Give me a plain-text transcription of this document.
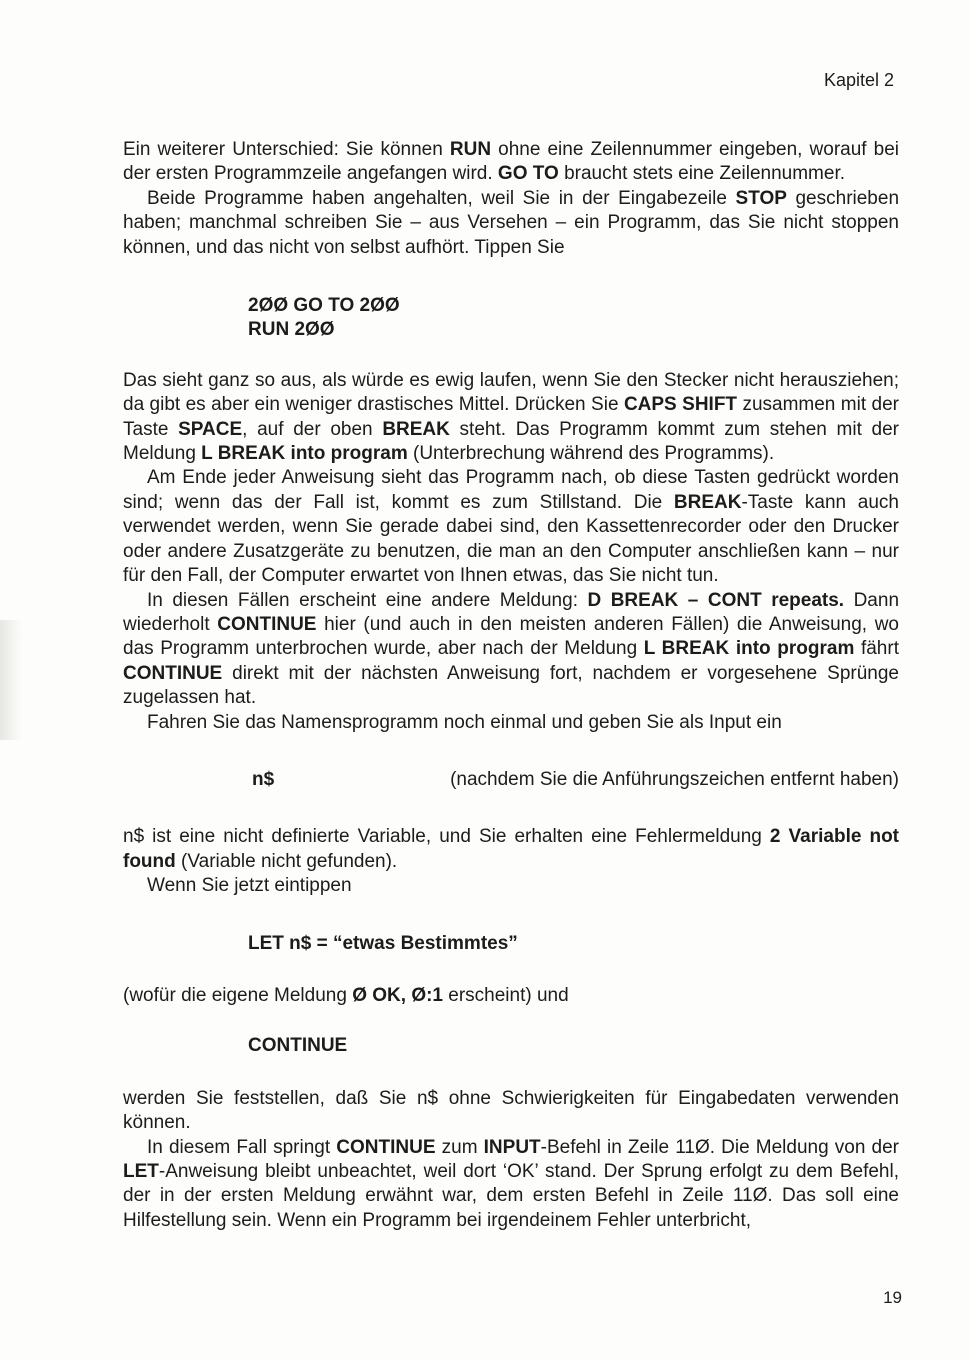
Kapitel 2

Ein weiterer Unterschied: Sie können RUN ohne eine Zeilennummer eingeben, worauf bei der ersten Programmzeile angefangen wird. GO TO braucht stets eine Zeilennummer.

Beide Programme haben angehalten, weil Sie in der Eingabezeile STOP geschrieben haben; manchmal schreiben Sie – aus Versehen – ein Programm, das Sie nicht stoppen können, und das nicht von selbst aufhört. Tippen Sie

2ØØ GO TO 2ØØ
RUN 2ØØ

Das sieht ganz so aus, als würde es ewig laufen, wenn Sie den Stecker nicht herausziehen; da gibt es aber ein weniger drastisches Mittel. Drücken Sie CAPS SHIFT zusammen mit der Taste SPACE, auf der oben BREAK steht. Das Programm kommt zum stehen mit der Meldung L BREAK into program (Unterbrechung während des Programms).

Am Ende jeder Anweisung sieht das Programm nach, ob diese Tasten gedrückt worden sind; wenn das der Fall ist, kommt es zum Stillstand. Die BREAK-Taste kann auch verwendet werden, wenn Sie gerade dabei sind, den Kassettenrecorder oder den Drucker oder andere Zusatzgeräte zu benutzen, die man an den Computer anschließen kann – nur für den Fall, der Computer erwartet von Ihnen etwas, das Sie nicht tun.

In diesen Fällen erscheint eine andere Meldung: D BREAK – CONT repeats. Dann wiederholt CONTINUE hier (und auch in den meisten anderen Fällen) die Anweisung, wo das Programm unterbrochen wurde, aber nach der Meldung L BREAK into program fährt CONTINUE direkt mit der nächsten Anweisung fort, nachdem er vorgesehene Sprünge zugelassen hat.

Fahren Sie das Namensprogramm noch einmal und geben Sie als Input ein

n$	(nachdem Sie die Anführungszeichen entfernt haben)

n$ ist eine nicht definierte Variable, und Sie erhalten eine Fehlermeldung 2 Variable not found (Variable nicht gefunden).

Wenn Sie jetzt eintippen

LET n$ = “etwas Bestimmtes”

(wofür die eigene Meldung Ø OK, Ø:1 erscheint) und

CONTINUE

werden Sie feststellen, daß Sie n$ ohne Schwierigkeiten für Eingabedaten verwenden können.

In diesem Fall springt CONTINUE zum INPUT-Befehl in Zeile 11Ø. Die Meldung von der LET-Anweisung bleibt unbeachtet, weil dort ‘OK’ stand. Der Sprung erfolgt zu dem Befehl, der in der ersten Meldung erwähnt war, dem ersten Befehl in Zeile 11Ø. Das soll eine Hilfestellung sein. Wenn ein Programm bei irgendeinem Fehler unterbricht,

19
